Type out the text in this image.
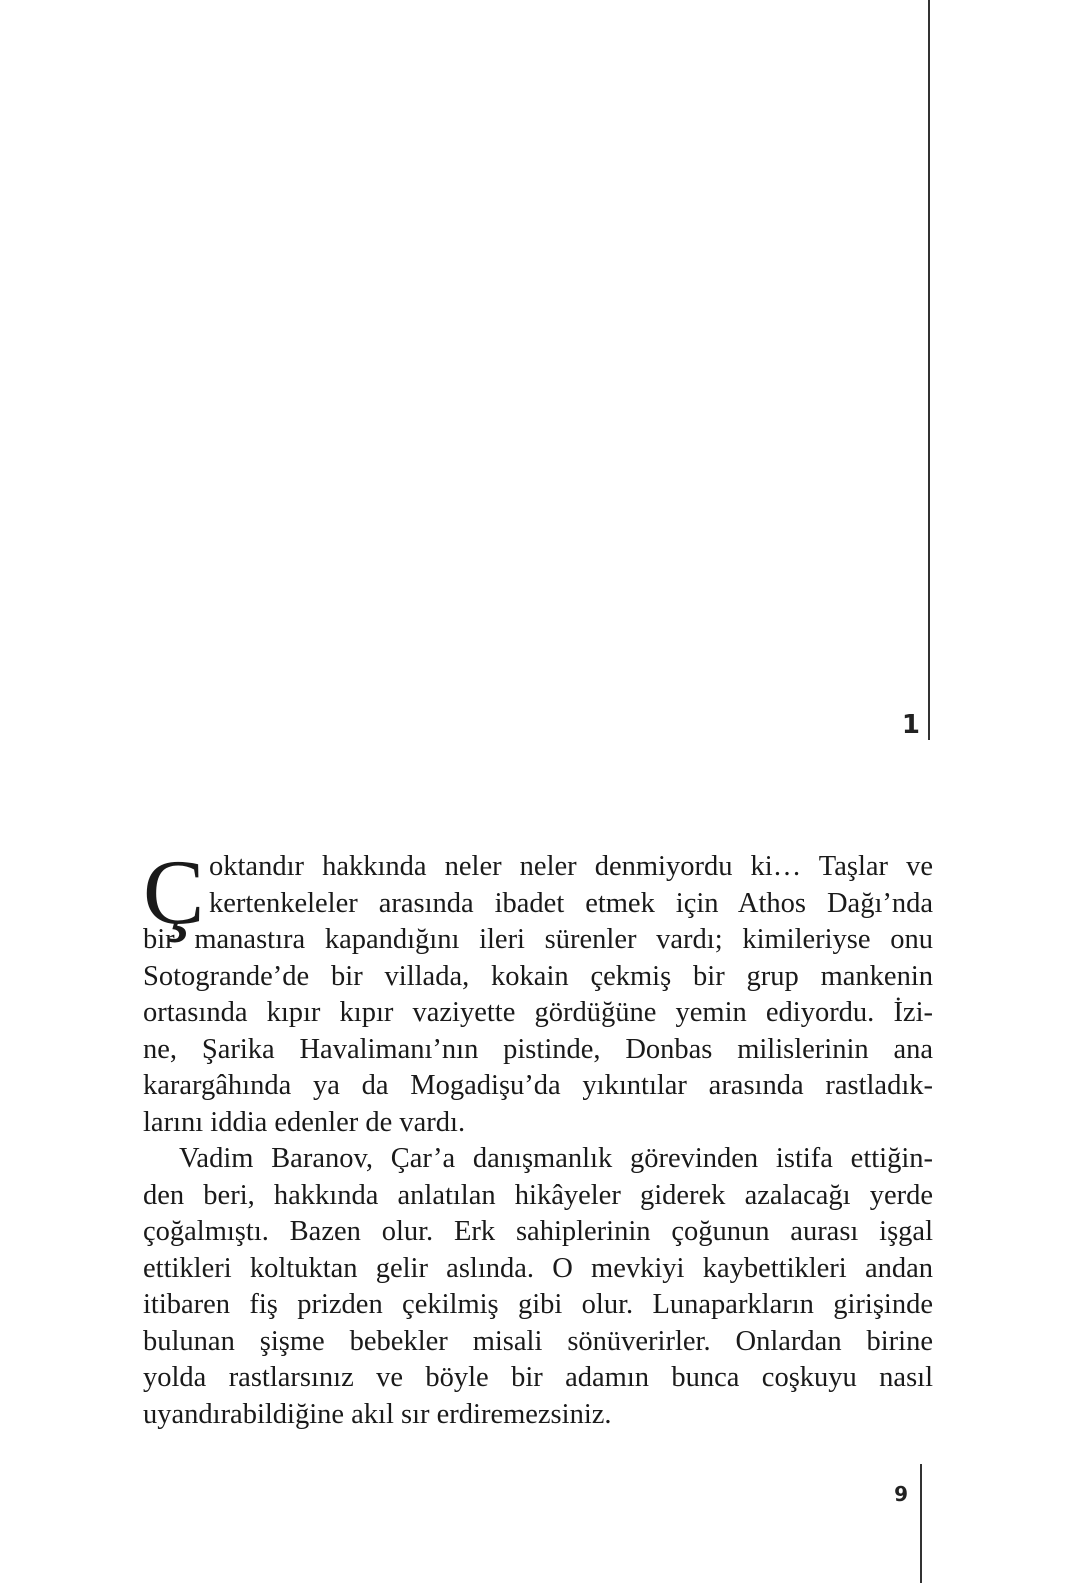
1
Ç oktandır hakkında neler neler denmiyordu ki… Taşlar ve
kertenkeleler arasında ibadet etmek için Athos Dağı’nda
bir manastıra kapandığını ileri sürenler vardı; kimileriyse onu
Sotogrande’de bir villada, kokain çekmiş bir grup mankenin
ortasında kıpır kıpır vaziyette gördüğüne yemin ediyordu. İzi-
ne, Şarika Havalimanı’nın pistinde, Donbas milislerinin ana
karargâhında ya da Mogadişu’da yıkıntılar arasında rastladık-
larını iddia edenler de vardı.
Vadim Baranov, Çar’a danışmanlık görevinden istifa ettiğin-
den beri, hakkında anlatılan hikâyeler giderek azalacağı yerde
çoğalmıştı. Bazen olur. Erk sahiplerinin çoğunun aurası işgal
ettikleri koltuktan gelir aslında. O mevkiyi kaybettikleri andan
itibaren fiş prizden çekilmiş gibi olur. Lunaparkların girişinde
bulunan şişme bebekler misali sönüverirler. Onlardan birine
yolda rastlarsınız ve böyle bir adamın bunca coşkuyu nasıl
uyandırabildiğine akıl sır erdiremezsiniz.
9
